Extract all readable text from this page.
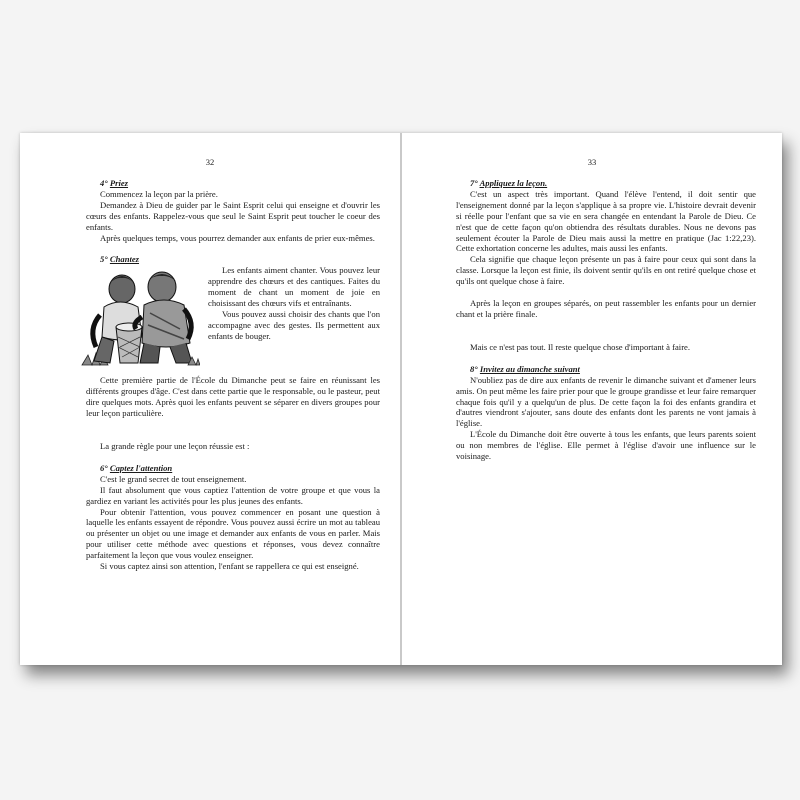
32

4° Priez

Commencez la leçon par la prière.

Demandez à Dieu de guider par le Saint Esprit celui qui enseigne et d'ouvrir les cœurs des enfants. Rappelez-vous que seul le Saint Esprit peut toucher le coeur des enfants.

Après quelques temps, vous pourrez demander aux enfants de prier eux-mêmes.

5° Chantez

Les enfants aiment chanter. Vous pouvez leur apprendre des chœurs et des cantiques. Faites du moment de chant un moment de joie en choisissant des chœurs vifs et entraînants.

Vous pouvez aussi choisir des chants que l'on accompagne avec des gestes. Ils permettent aux enfants de bouger.

Cette première partie de l'École du Dimanche peut se faire en réunissant les différents groupes d'âge. C'est dans cette partie que le responsable, ou le pasteur, peut dire quelques mots. Après quoi les enfants peuvent se séparer en divers groupes pour leur leçon particulière.

La grande règle pour une leçon réussie est :

6° Captez l'attention

C'est le grand secret de tout enseignement.

Il faut absolument que vous captiez l'attention de votre groupe et que vous la gardiez en variant les activités pour les plus jeunes des enfants.

Pour obtenir l'attention, vous pouvez commencer en posant une question à laquelle les enfants essayent de répondre. Vous pouvez aussi écrire un mot au tableau ou présenter un objet ou une image et demander aux enfants de vous en parler. Mais pour utiliser cette méthode avec questions et réponses, vous devez connaître parfaitement la leçon que vous voulez enseigner.

Si vous captez ainsi son attention, l'enfant se rappellera ce qui est enseigné.

33

7° Appliquez la leçon.

C'est un aspect très important. Quand l'élève l'entend, il doit sentir que l'enseignement donné par la leçon s'applique à sa propre vie. L'histoire devrait devenir si réelle pour l'enfant que sa vie en sera changée en entendant la Parole de Dieu. Ce n'est que de cette façon qu'on obtiendra des résultats durables. Nous ne devons pas seulement écouter la Parole de Dieu mais aussi la mettre en pratique (Jac 1:22,23). Cette exhortation concerne les adultes, mais aussi les enfants.

Cela signifie que chaque leçon présente un pas à faire pour ceux qui sont dans la classe. Lorsque la leçon est finie, ils doivent sentir qu'ils en ont retiré quelque chose et qu'ils ont quelque chose à faire.

Après la leçon en groupes séparés, on peut rassembler les enfants pour un dernier chant et la prière finale.

Mais ce n'est pas tout. Il reste quelque chose d'important à faire.

8° Invitez au dimanche suivant

N'oubliez pas de dire aux enfants de revenir le dimanche suivant et d'amener leurs amis. On peut même les faire prier pour que le groupe grandisse et leur faire remarquer chaque fois qu'il y a quelqu'un de plus. De cette façon la foi des enfants grandira et d'autres viendront s'ajouter, sans doute des enfants dont les parents ne vont jamais à l'église.

L'École du Dimanche doit être ouverte à tous les enfants, que leurs parents soient ou non membres de l'église. Elle permet à l'église d'avoir une influence sur le voisinage.
